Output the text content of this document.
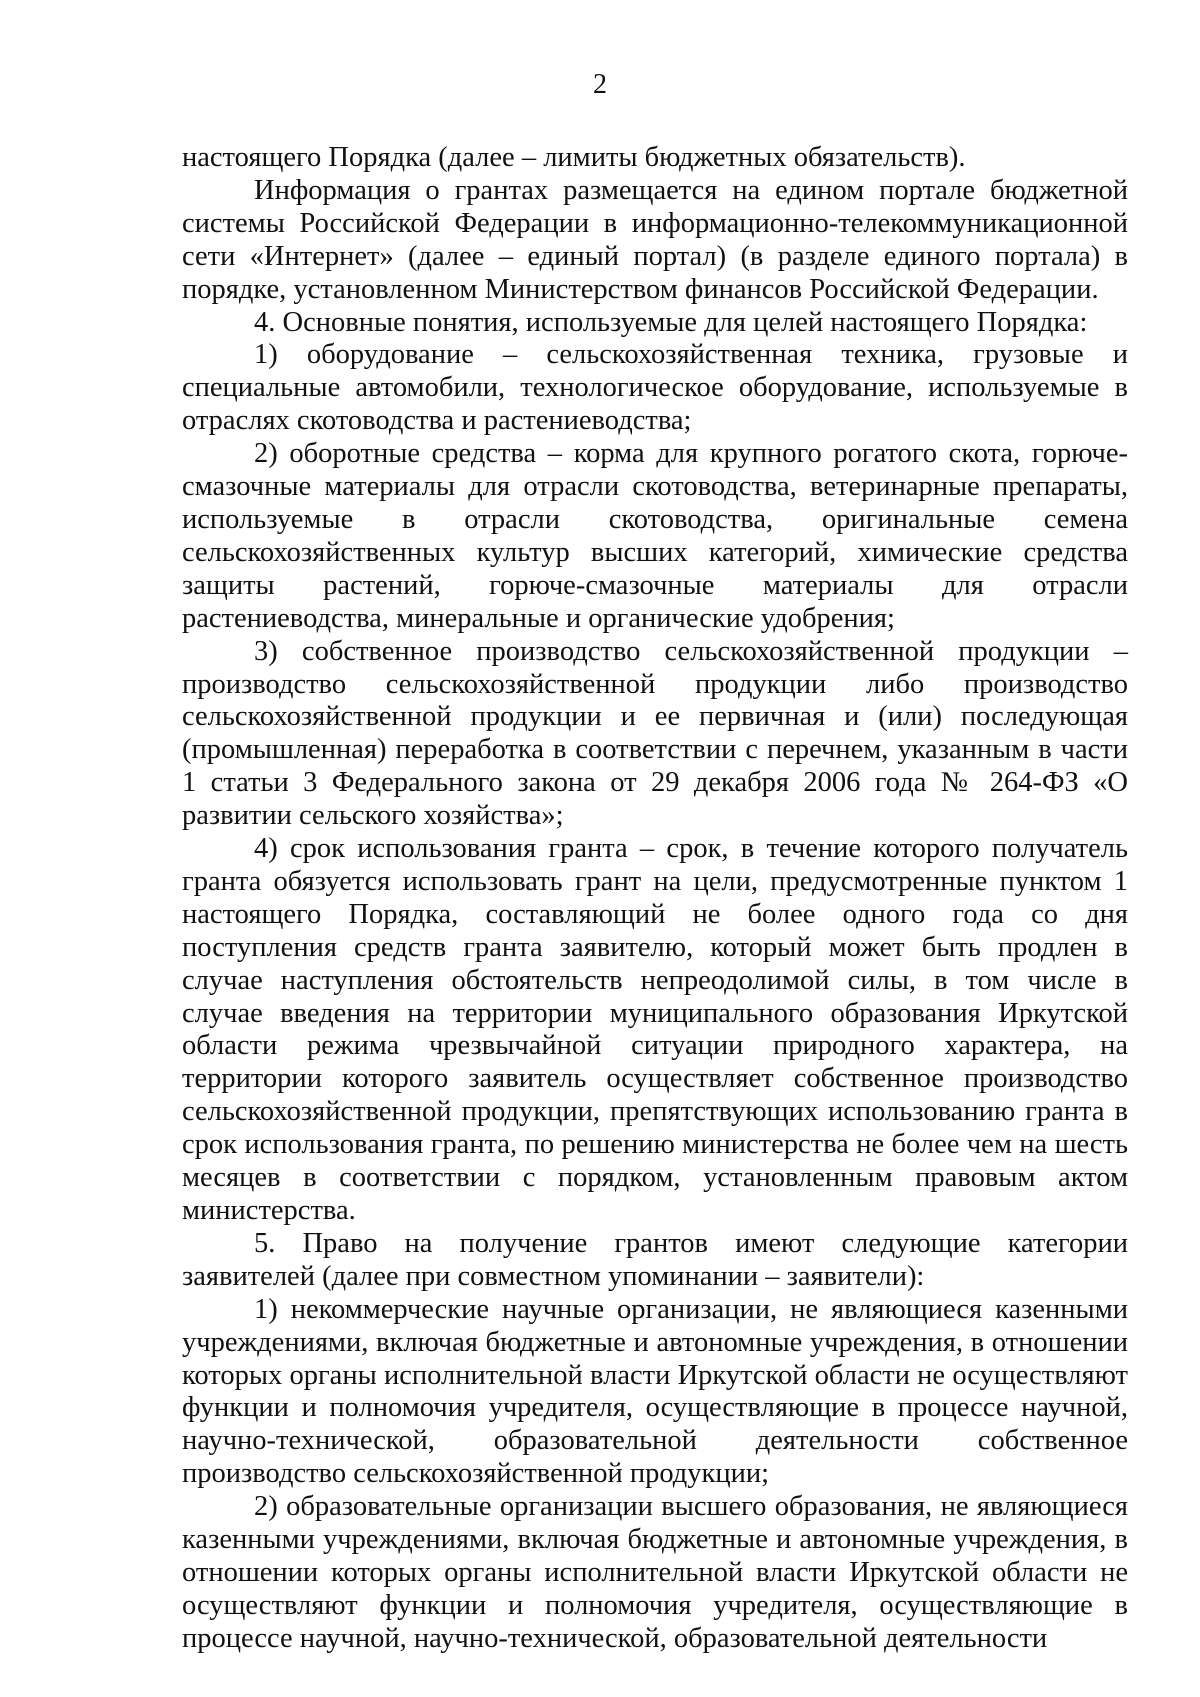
2

настоящего Порядка (далее – лимиты бюджетных обязательств).

Информация о грантах размещается на едином портале бюджетной системы Российской Федерации в информационно-телекоммуникационной сети «Интернет» (далее – единый портал) (в разделе единого портала) в порядке, установленном Министерством финансов Российской Федерации.

4. Основные понятия, используемые для целей настоящего Порядка:

1) оборудование – сельскохозяйственная техника, грузовые и специальные автомобили, технологическое оборудование, используемые в отраслях скотоводства и растениеводства;

2) оборотные средства – корма для крупного рогатого скота, горюче-смазочные материалы для отрасли скотоводства, ветеринарные препараты, используемые в отрасли скотоводства, оригинальные семена сельскохозяйственных культур высших категорий, химические средства защиты растений, горюче-смазочные материалы для отрасли растениеводства, минеральные и органические удобрения;

3) собственное производство сельскохозяйственной продукции – производство сельскохозяйственной продукции либо производство сельскохозяйственной продукции и ее первичная и (или) последующая (промышленная) переработка в соответствии с перечнем, указанным в части 1 статьи 3 Федерального закона от 29 декабря 2006 года № 264-ФЗ «О развитии сельского хозяйства»;

4) срок использования гранта – срок, в течение которого получатель гранта обязуется использовать грант на цели, предусмотренные пунктом 1 настоящего Порядка, составляющий не более одного года со дня поступления средств гранта заявителю, который может быть продлен в случае наступления обстоятельств непреодолимой силы, в том числе в случае введения на территории муниципального образования Иркутской области режима чрезвычайной ситуации природного характера, на территории которого заявитель осуществляет собственное производство сельскохозяйственной продукции, препятствующих использованию гранта в срок использования гранта, по решению министерства не более чем на шесть месяцев в соответствии с порядком, установленным правовым актом министерства.

5. Право на получение грантов имеют следующие категории заявителей (далее при совместном упоминании – заявители):

1) некоммерческие научные организации, не являющиеся казенными учреждениями, включая бюджетные и автономные учреждения, в отношении которых органы исполнительной власти Иркутской области не осуществляют функции и полномочия учредителя, осуществляющие в процессе научной, научно-технической, образовательной деятельности собственное производство сельскохозяйственной продукции;

2) образовательные организации высшего образования, не являющиеся казенными учреждениями, включая бюджетные и автономные учреждения, в отношении которых органы исполнительной власти Иркутской области не осуществляют функции и полномочия учредителя, осуществляющие в процессе научной, научно-технической, образовательной деятельности
